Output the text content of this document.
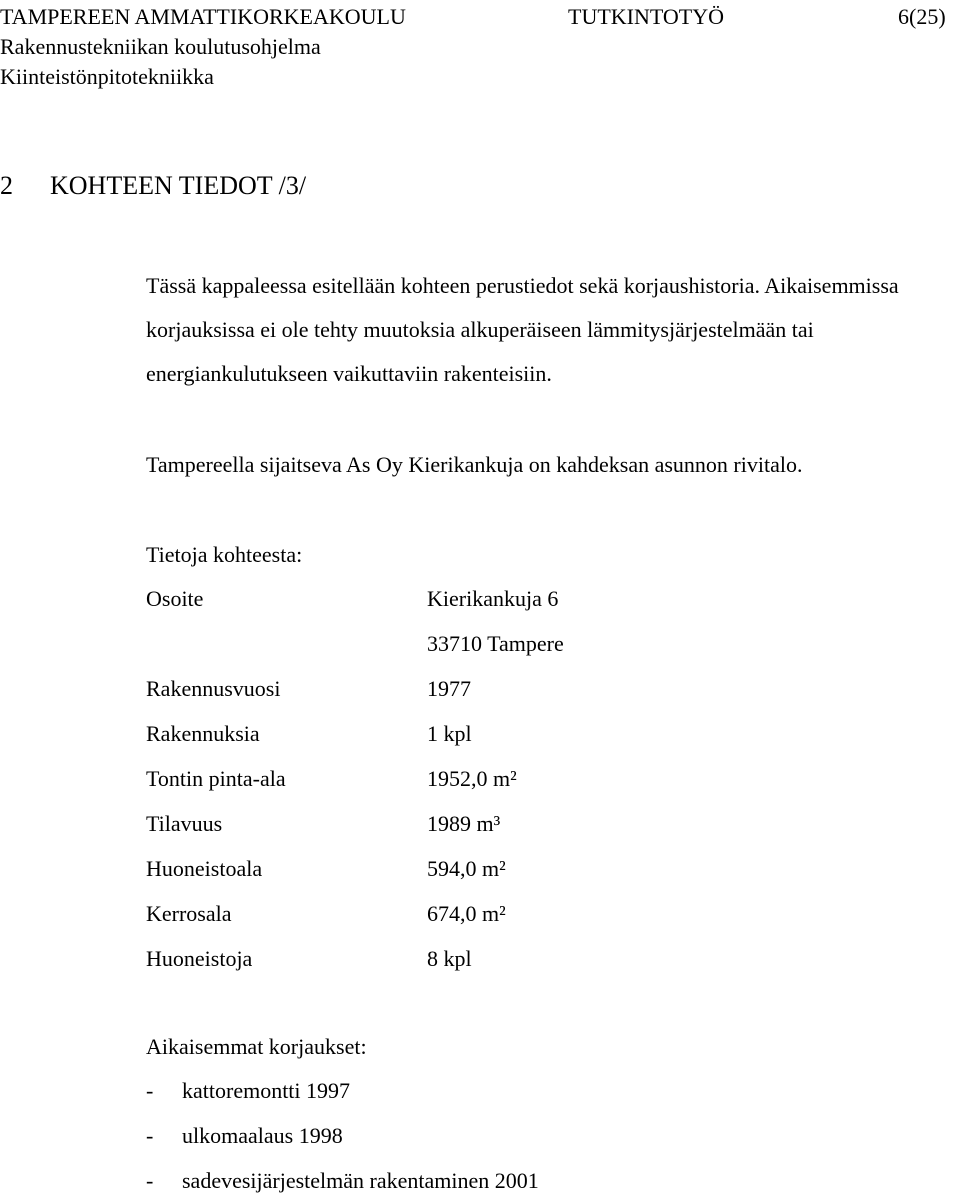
TAMPEREEN AMMATTIKORKEAKOULU	TUTKINTOTYÖ	6(25)
Rakennustekniikan koulutusohjelma
Kiinteistönpitotekniikka
2 KOHTEEN TIEDOT /3/
Tässä kappaleessa esitellään kohteen perustiedot sekä korjaushistoria. Aikaisemmissa korjauksissa ei ole tehty muutoksia alkuperäiseen lämmitysjärjestelmään tai energiankulutukseen vaikuttaviin rakenteisiin.
Tampereella sijaitseva As Oy Kierikankuja on kahdeksan asunnon rivitalo.
Tietoja kohteesta:
Osoite	Kierikankuja 6
33710 Tampere
Rakennusvuosi	1977
Rakennuksia	1 kpl
Tontin pinta-ala	1952,0 m²
Tilavuus	1989 m³
Huoneistoala	594,0 m²
Kerrosala	674,0 m²
Huoneistoja	8 kpl
Aikaisemmat korjaukset:
- kattoremontti 1997
- ulkomaalaus 1998
- sadevesijärjestelmän rakentaminen 2001
